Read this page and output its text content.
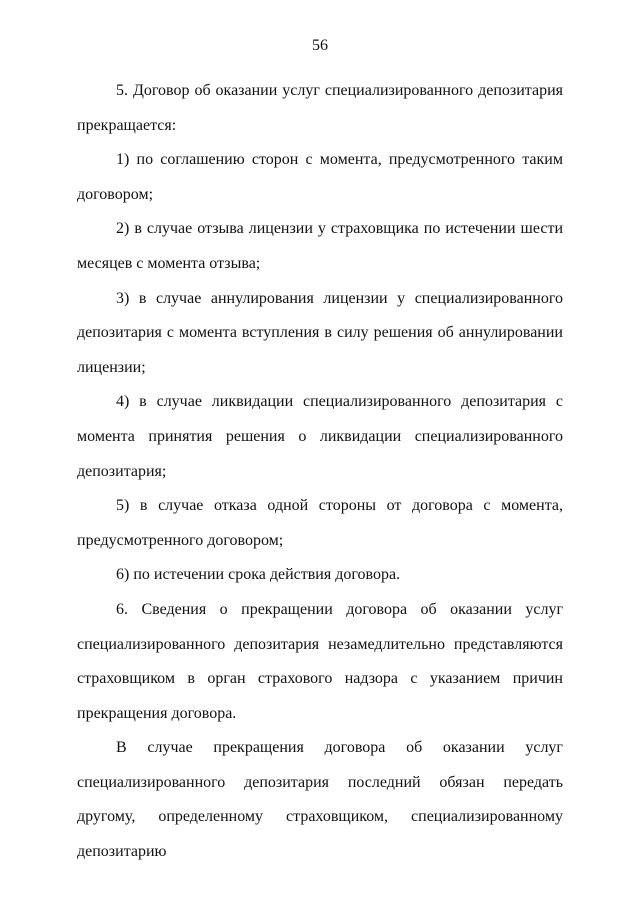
56

5. Договор об оказании услуг специализированного депозитария прекращается:

1) по соглашению сторон с момента, предусмотренного таким договором;

2) в случае отзыва лицензии у страховщика по истечении шести месяцев с момента отзыва;

3) в случае аннулирования лицензии у специализированного депозитария с момента вступления в силу решения об аннулировании лицензии;

4) в случае ликвидации специализированного депозитария с момента принятия решения о ликвидации специализированного депозитария;

5) в случае отказа одной стороны от договора с момента, предусмотренного договором;

6) по истечении срока действия договора.

6. Сведения о прекращении договора об оказании услуг специализированного депозитария незамедлительно представляются страховщиком в орган страхового надзора с указанием причин прекращения договора.

В случае прекращения договора об оказании услуг специализированного депозитария последний обязан передать другому, определенному страховщиком, специализированному депозитарию
